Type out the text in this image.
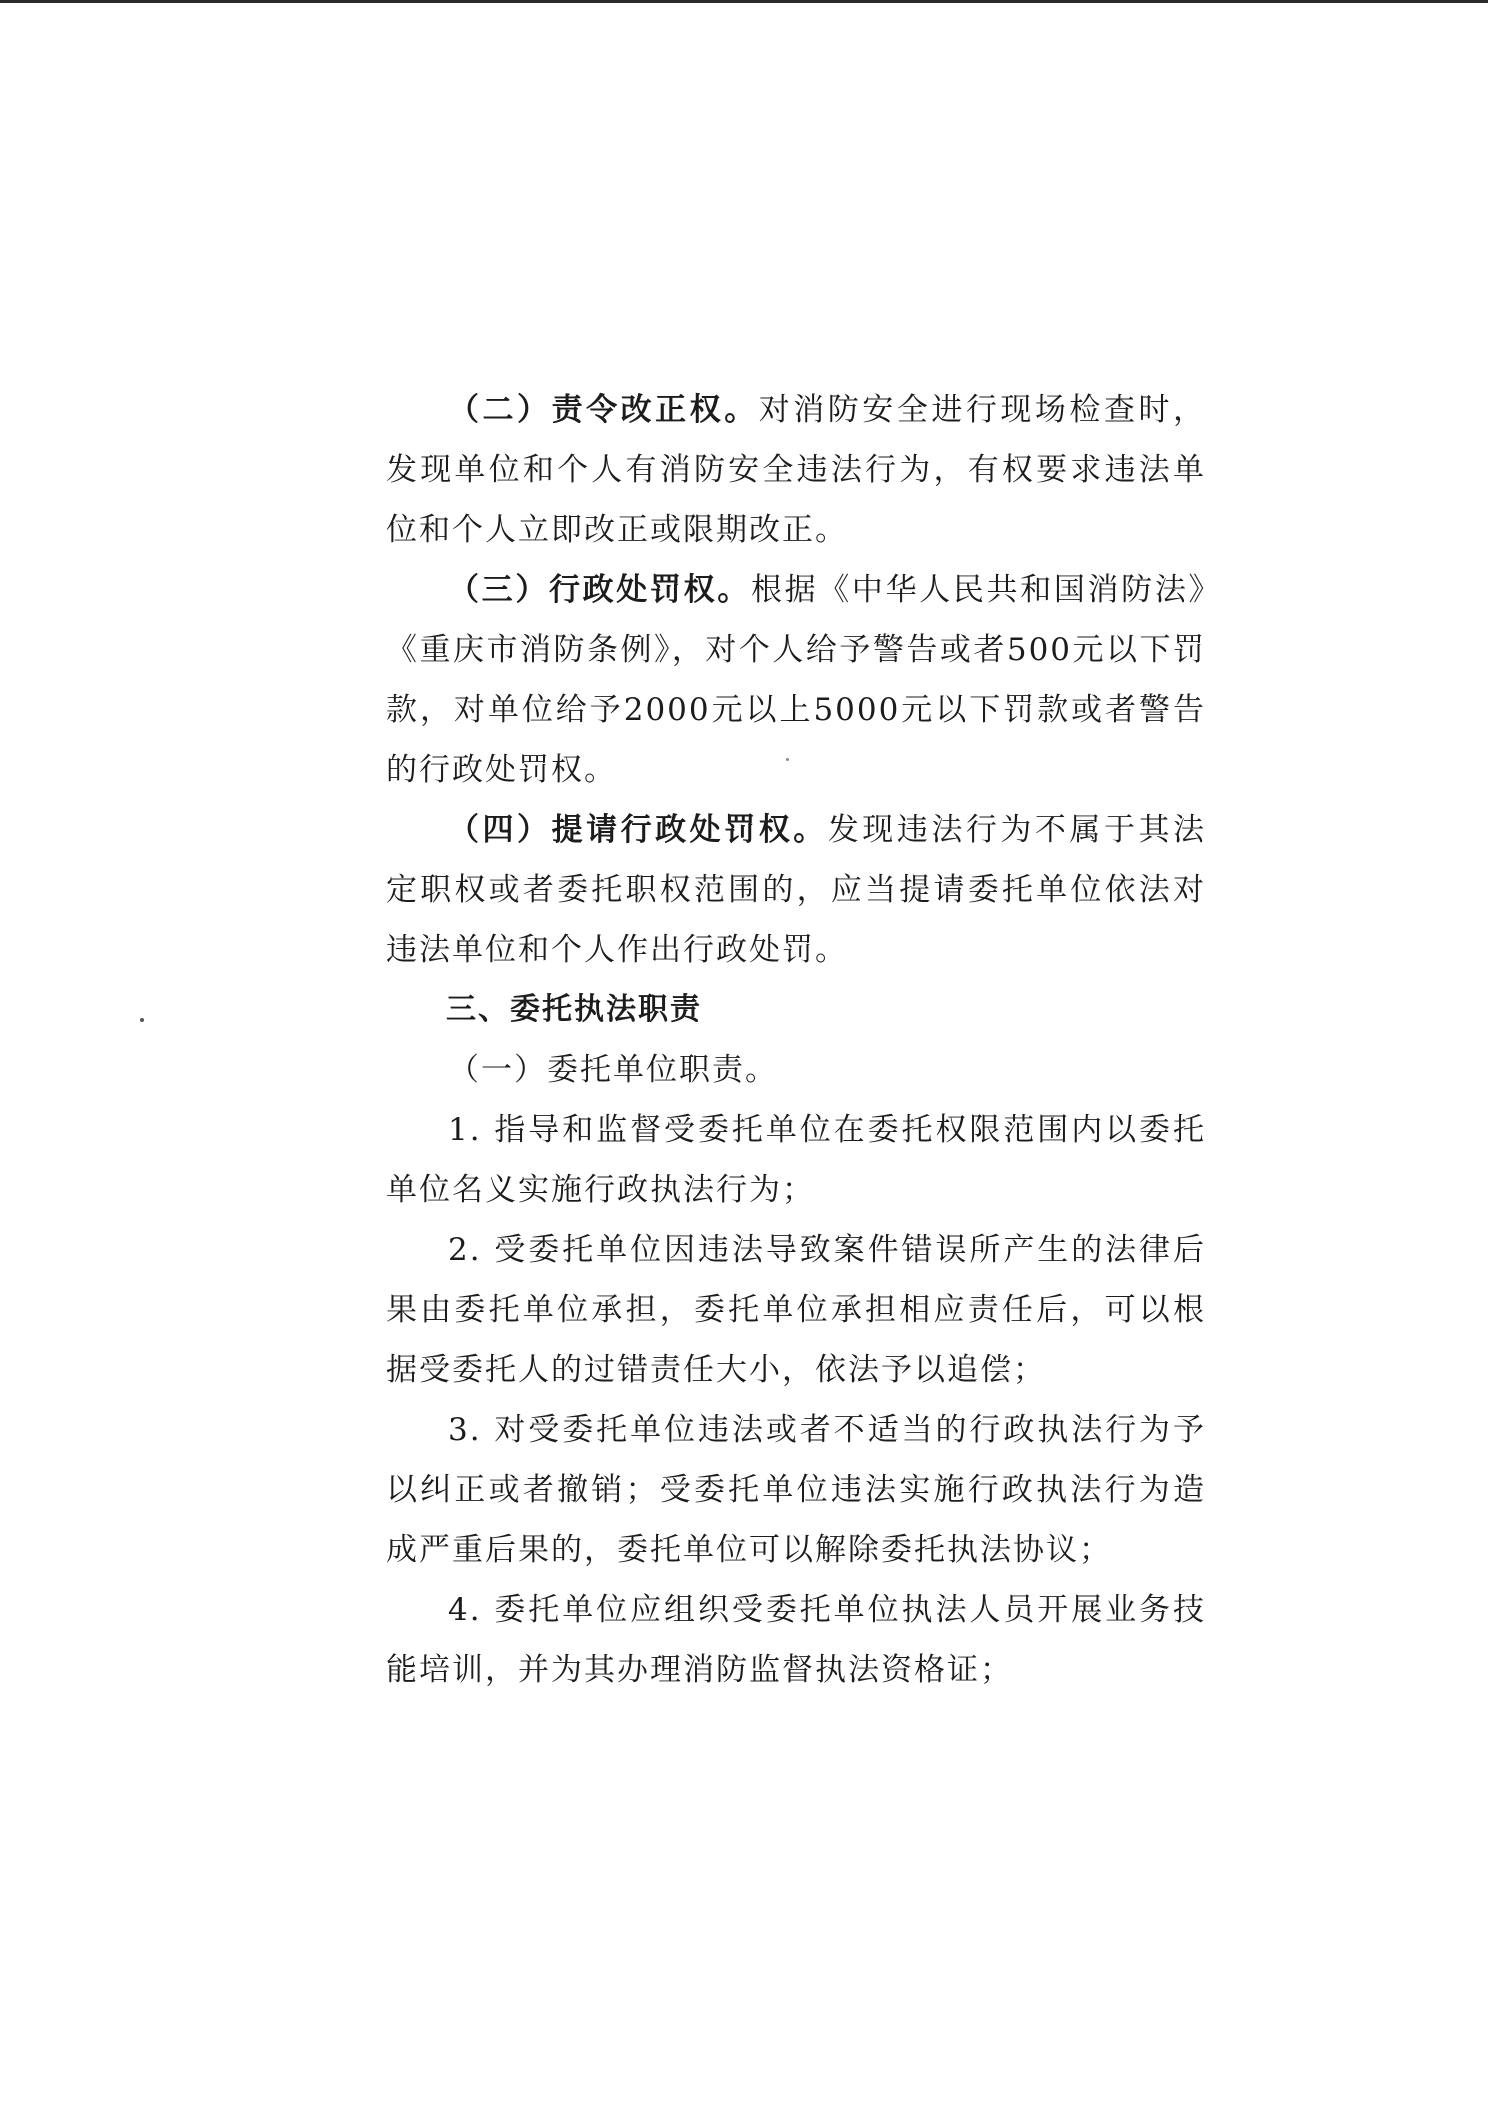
（二）责令改正权。对消防安全进行现场检查时，发现单位和个人有消防安全违法行为，有权要求违法单位和个人立即改正或限期改正。

（三）行政处罚权。根据《中华人民共和国消防法》《重庆市消防条例》，对个人给予警告或者500元以下罚款，对单位给予2000元以上5000元以下罚款或者警告的行政处罚权。

（四）提请行政处罚权。发现违法行为不属于其法定职权或者委托职权范围的，应当提请委托单位依法对违法单位和个人作出行政处罚。

三、委托执法职责

（一）委托单位职责。

1. 指导和监督受委托单位在委托权限范围内以委托单位名义实施行政执法行为；

2. 受委托单位因违法导致案件错误所产生的法律后果由委托单位承担，委托单位承担相应责任后，可以根据受委托人的过错责任大小，依法予以追偿；

3. 对受委托单位违法或者不适当的行政执法行为予以纠正或者撤销；受委托单位违法实施行政执法行为造成严重后果的，委托单位可以解除委托执法协议；

4. 委托单位应组织受委托单位执法人员开展业务技能培训，并为其办理消防监督执法资格证；
